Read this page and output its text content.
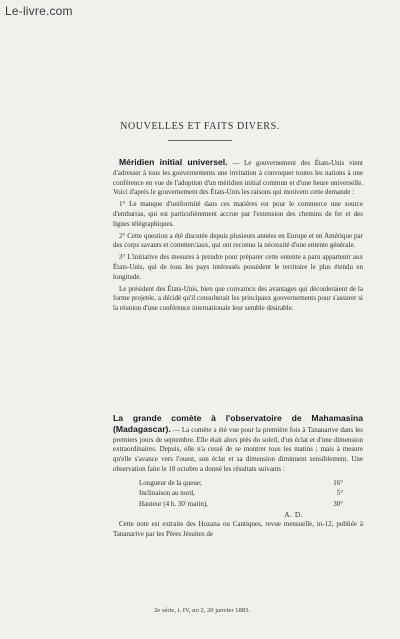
Le-livre.com
NOUVELLES ET FAITS DIVERS.

Méridien initial universel. — Le gouvernement des États-Unis vient d'adresser à tous les gouvernements une invitation à convoquer toutes les nations à une conférence en vue de l'adoption d'un méridien initial commun et d'une heure universelle. Voici d'après le gouvernement des États-Unis les raisons qui motivent cette demande :

1° Le manque d'uniformité dans ces matières est pour le commerce une source d'embarras, qui est particulièrement accrue par l'extension des chemins de fer et des lignes télégraphiques.

2° Cette question a été discutée depuis plusieurs années en Europe et en Amérique par des corps savants et commerciaux, qui ont reconnu la nécessité d'une entente générale.

3° L'initiative des mesures à prendre pour préparer cette entente a paru appartenir aux États-Unis, qui de tous les pays intéressés possèdent le territoire le plus étendu en longitude.

Le président des États-Unis, bien que convaincu des avantages qui découleraient de la forme projetée, a décidé qu'il consulterait les principaux gouvernements pour s'assurer si la réunion d'une conférence internationale leur semble désirable.

La grande comète à l'observatoire de Mahamasina (Madagascar). — La comète a été vue pour la première fois à Tananarive dans les premiers jours de septembre. Elle était alors près du soleil, d'un éclat et d'une dimension extraordinaires. Depuis, elle n'a cessé de se montrer tous les matins ; mais à mesure qu'elle s'avance vers l'ouest, son éclat et sa dimension diminuent sensiblement. Une observation faite le 18 octobre a donné les résultats suivants :

Longueur de la queue;	16°
Inclinaison au nord,	5°
Hauteur (4 h. 30' matin),	30°
A. D.

Cette note est extraite des Hozana ou Cantiques, revue mensuelle, in-12, publiée à Tananarive par les Pères Jésuites de

2e série, t. IV, no 2, 20 janvier 1883.
